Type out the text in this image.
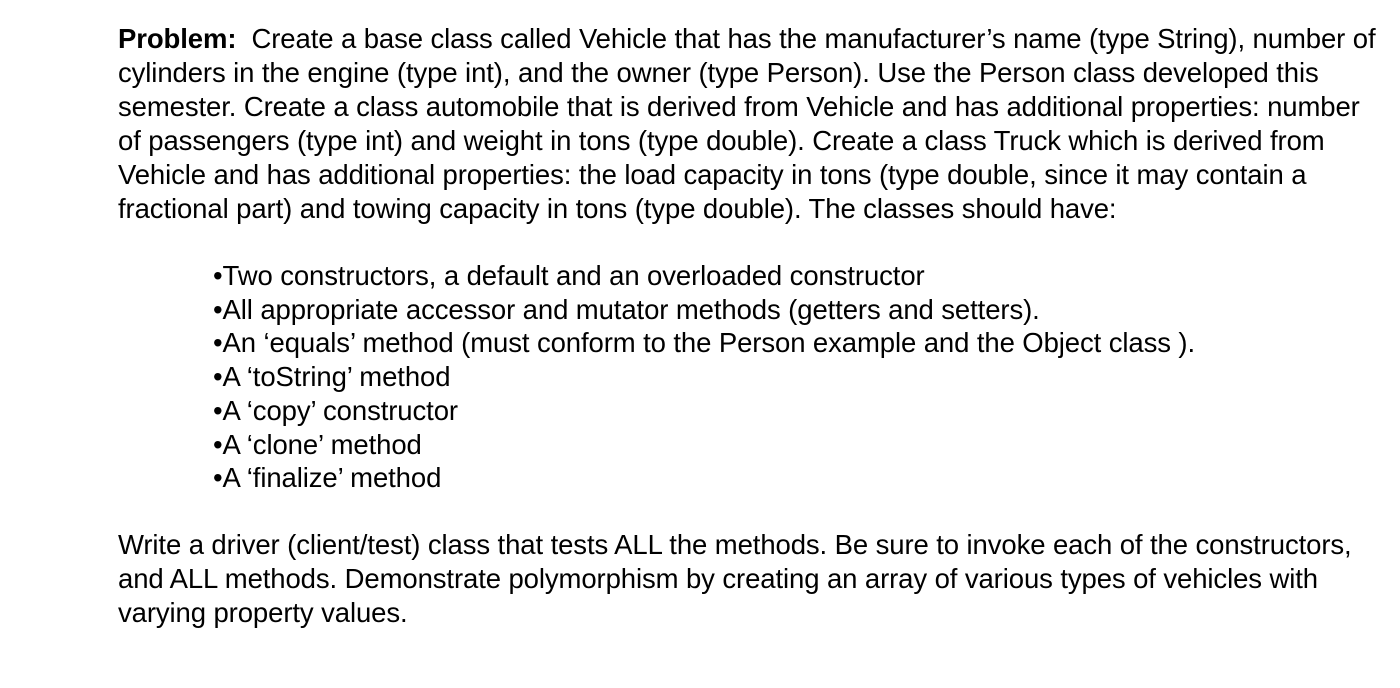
Problem: Create a base class called Vehicle that has the manufacturer’s name (type String), number of cylinders in the engine (type int), and the owner (type Person). Use the Person class developed this semester. Create a class automobile that is derived from Vehicle and has additional properties: number of passengers (type int) and weight in tons (type double). Create a class Truck which is derived from Vehicle and has additional properties: the load capacity in tons (type double, since it may contain a fractional part) and towing capacity in tons (type double). The classes should have:

•Two constructors, a default and an overloaded constructor
•All appropriate accessor and mutator methods (getters and setters).
•An ‘equals’ method (must conform to the Person example and the Object class ).
•A ‘toString’ method
•A ‘copy’ constructor
•A ‘clone’ method
•A ‘finalize’ method

Write a driver (client/test) class that tests ALL the methods. Be sure to invoke each of the constructors, and ALL methods. Demonstrate polymorphism by creating an array of various types of vehicles with varying property values.
